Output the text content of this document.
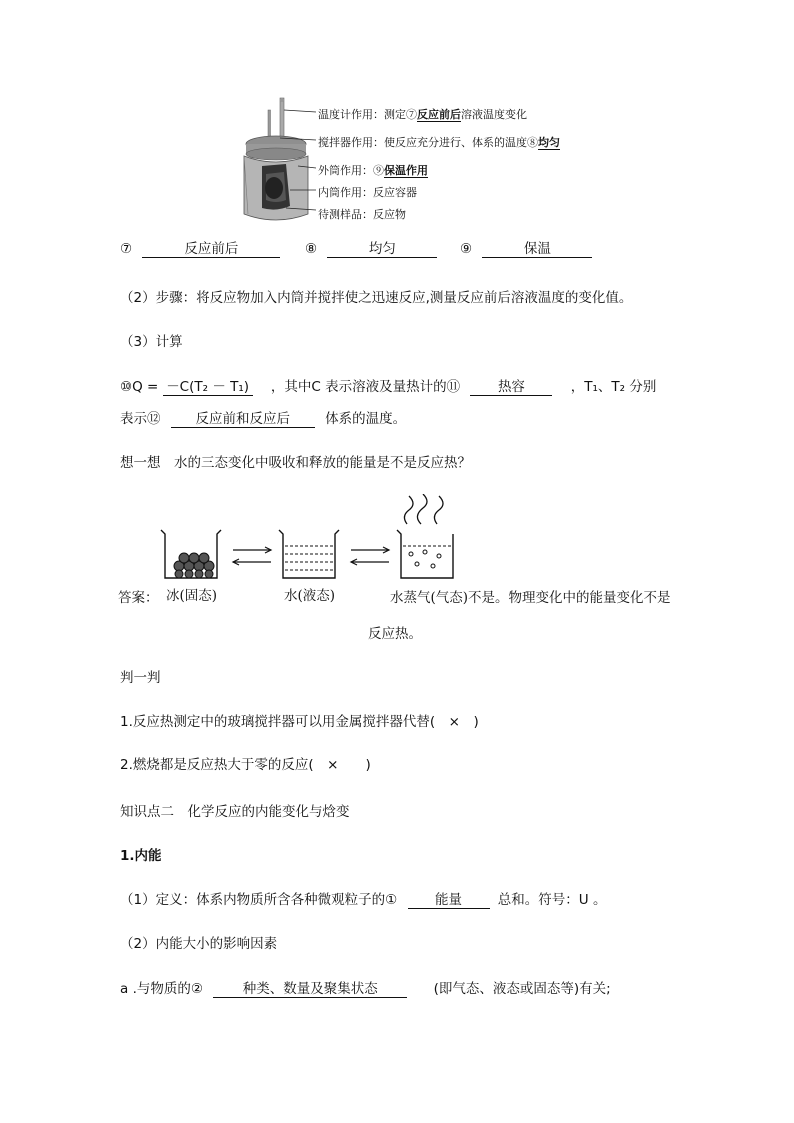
温度计作用：测定⑦反应前后溶液温度变化
搅拌器作用：使反应充分进行、体系的温度⑧均匀
外筒作用：⑨保温作用
内筒作用：反应容器
待测样品：反应物
⑦	反应前后	⑧	均匀	⑨	保温
（2）步骤：将反应物加入内筒并搅拌使之迅速反应,测量反应前后溶液温度的变化值。
（3）计算
⑩Q = －C(T₂ － T₁) ，其中C 表示溶液及量热计的⑪	热容	，T₁、T₂ 分别
表示⑫	反应前和反应后	体系的温度。
想一想　水的三态变化中吸收和释放的能量是不是反应热？
答案： 冰(固态)	水(液态)	水蒸气(气态)不是。物理变化中的能量变化不是
反应热。
判一判
1.反应热测定中的玻璃搅拌器可以用金属搅拌器代替(　×　)
2.燃烧都是反应热大于零的反应(　×　　)
知识点二　化学反应的内能变化与焓变
1.内能
（1）定义：体系内物质所含各种微观粒子的①	能量	总和。符号：U 。
（2）内能大小的影响因素
a .与物质的②	种类、数量及聚集状态	(即气态、液态或固态等)有关;
